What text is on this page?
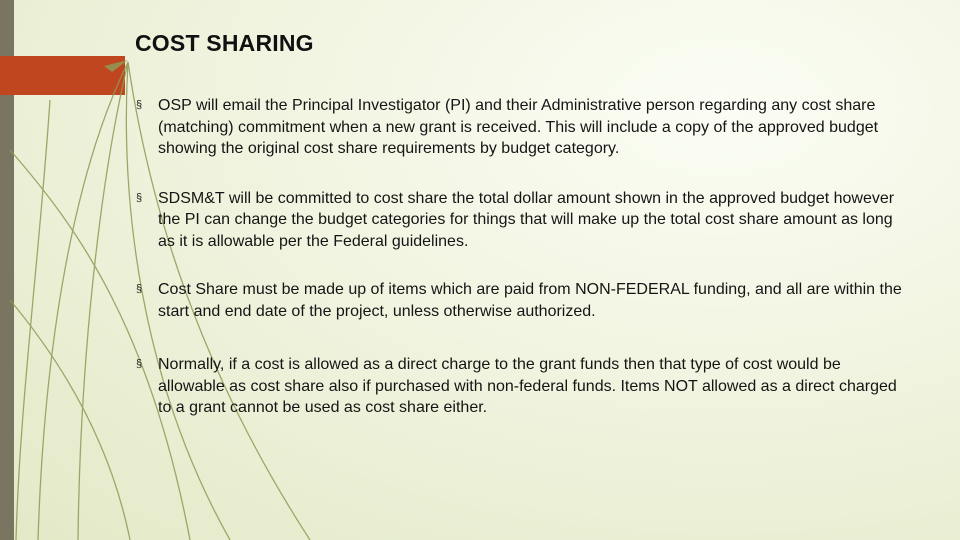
COST SHARING
§ OSP will email the Principal Investigator (PI) and their Administrative person regarding any cost share (matching) commitment when a new grant is received. This will include a copy of the approved budget showing the original cost share requirements by budget category.
§ SDSM&T will be committed to cost share the total dollar amount shown in the approved budget however the PI can change the budget categories for things that will make up the total cost share amount as long as it is allowable per the Federal guidelines.
§ Cost Share must be made up of items which are paid from NON-FEDERAL funding, and all are within the start and end date of the project, unless otherwise authorized.
§ Normally, if a cost is allowed as a direct charge to the grant funds then that type of cost would be allowable as cost share also if purchased with non-federal funds. Items NOT allowed as a direct charged to a grant cannot be used as cost share either.
